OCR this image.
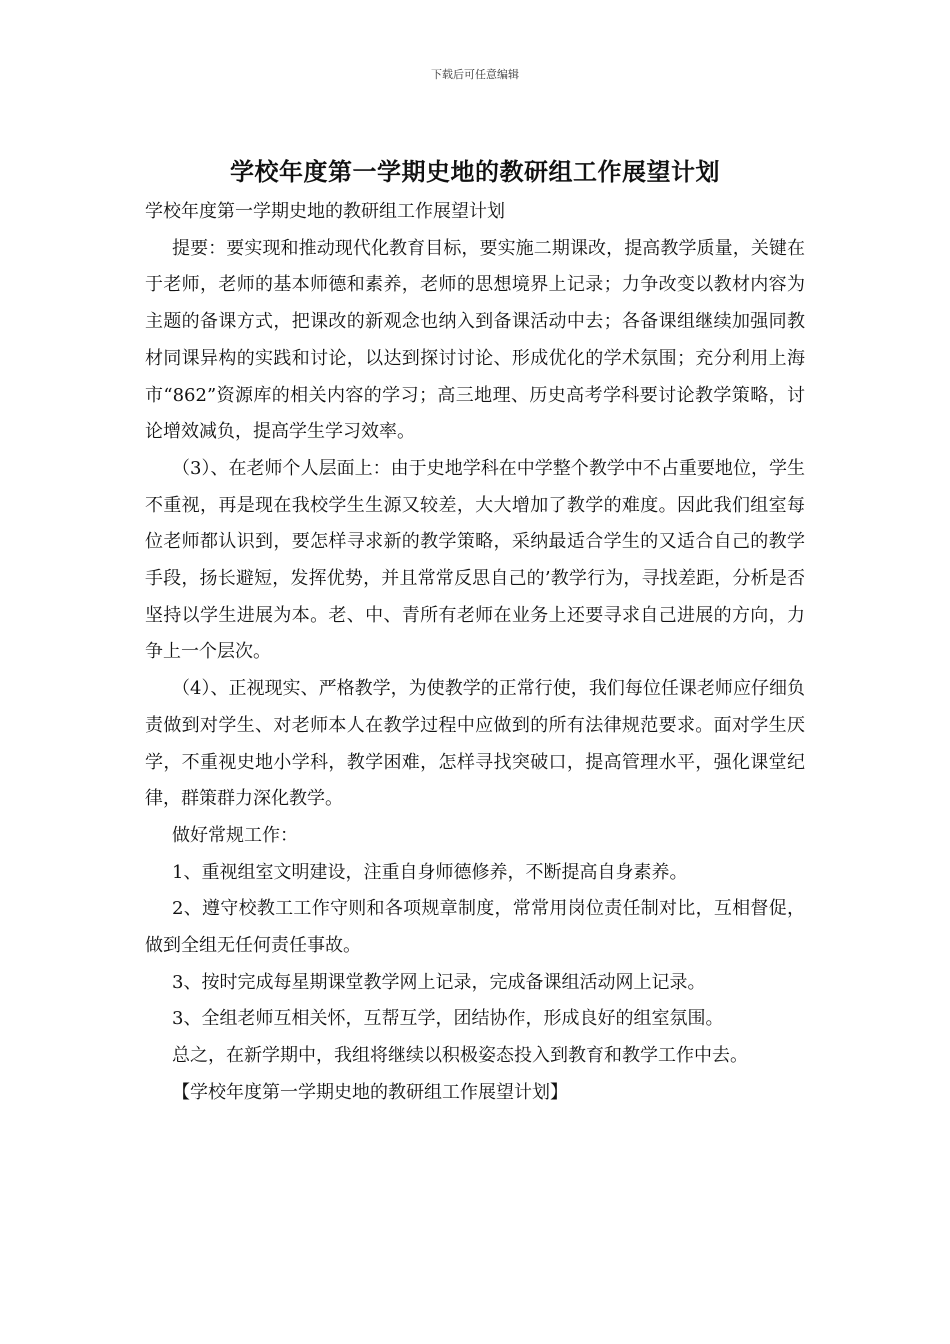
下载后可任意编辑
学校年度第一学期史地的教研组工作展望计划

学校年度第一学期史地的教研组工作展望计划

提要：要实现和推动现代化教育目标，要实施二期课改，提高教学质量，关键在于老师，老师的基本师德和素养，老师的思想境界上记录；力争改变以教材内容为主题的备课方式，把课改的新观念也纳入到备课活动中去；各备课组继续加强同教材同课异构的实践和讨论，以达到探讨讨论、形成优化的学术氛围；充分利用上海市“862”资源库的相关内容的学习；高三地理、历史高考学科要讨论教学策略，讨论增效减负，提高学生学习效率。

（3）、在老师个人层面上：由于史地学科在中学整个教学中不占重要地位，学生不重视，再是现在我校学生生源又较差，大大增加了教学的难度。因此我们组室每位老师都认识到，要怎样寻求新的教学策略，采纳最适合学生的又适合自己的教学手段，扬长避短，发挥优势，并且常常反思自己的’教学行为，寻找差距，分析是否坚持以学生进展为本。老、中、青所有老师在业务上还要寻求自己进展的方向，力争上一个层次。

（4）、正视现实、严格教学，为使教学的正常行使，我们每位任课老师应仔细负责做到对学生、对老师本人在教学过程中应做到的所有法律规范要求。面对学生厌学，不重视史地小学科，教学困难，怎样寻找突破口，提高管理水平，强化课堂纪律，群策群力深化教学。

做好常规工作：

1、重视组室文明建设，注重自身师德修养，不断提高自身素养。

2、遵守校教工工作守则和各项规章制度，常常用岗位责任制对比，互相督促，做到全组无任何责任事故。

3、按时完成每星期课堂教学网上记录，完成备课组活动网上记录。

3、全组老师互相关怀，互帮互学，团结协作，形成良好的组室氛围。

总之，在新学期中，我组将继续以积极姿态投入到教育和教学工作中去。

【学校年度第一学期史地的教研组工作展望计划】
